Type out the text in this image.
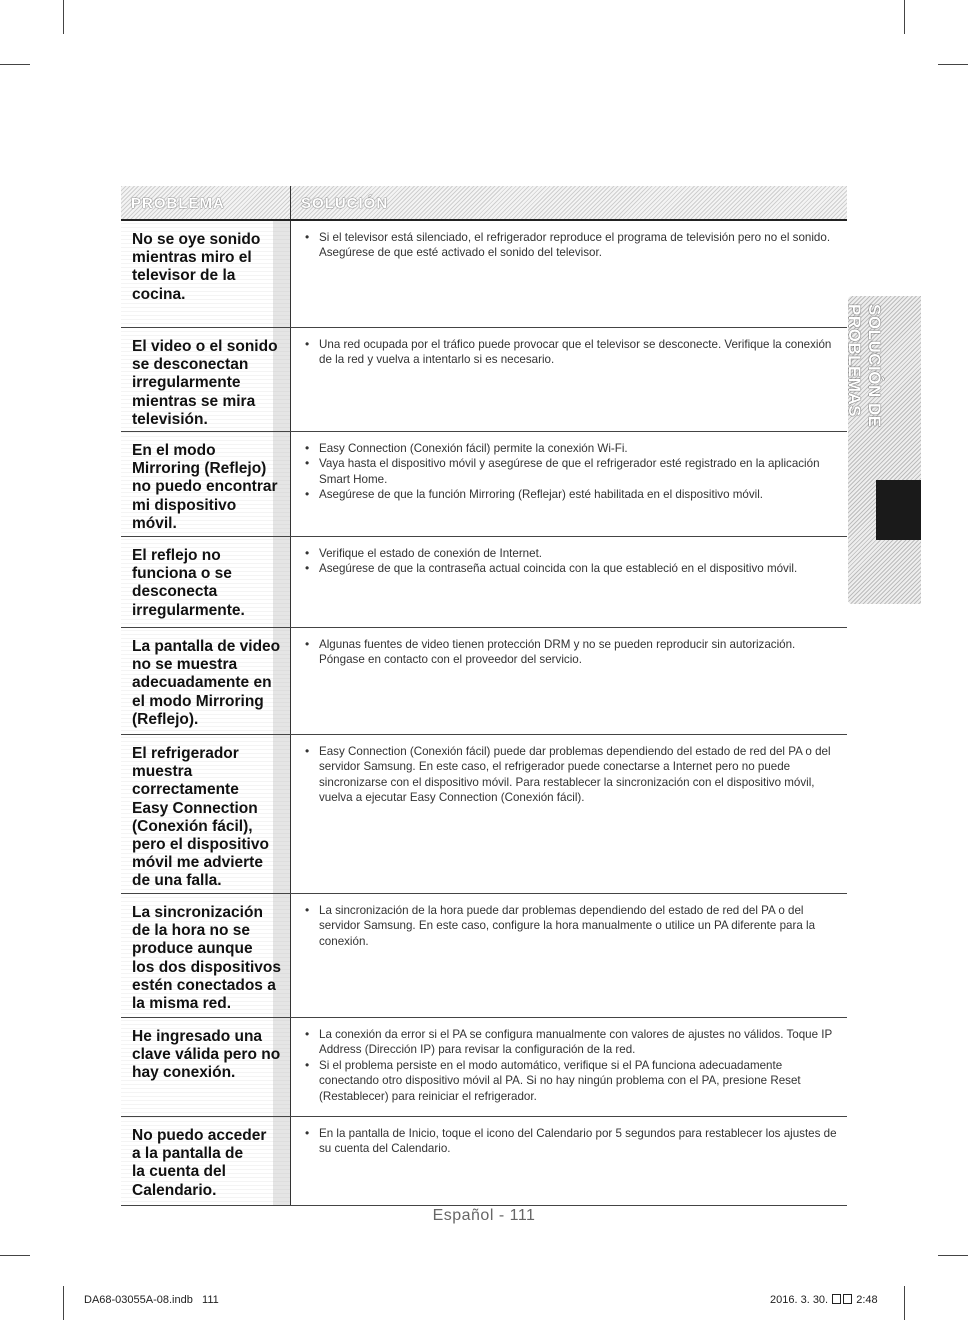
PROBLEMA	SOLUCIÓN
No se oye sonido
mientras miro el
televisor de la
cocina.
• Si el televisor está silenciado, el refrigerador reproduce el programa de televisión pero no el sonido. Asegúrese de que esté activado el sonido del televisor.
El video o el sonido
se desconectan
irregularmente
mientras se mira
televisión.
• Una red ocupada por el tráfico puede provocar que el televisor se desconecte. Verifique la conexión de la red y vuelva a intentarlo si es necesario.
En el modo
Mirroring (Reflejo)
no puedo encontrar
mi dispositivo
móvil.
• Easy Connection (Conexión fácil) permite la conexión Wi-Fi.
• Vaya hasta el dispositivo móvil y asegúrese de que el refrigerador esté registrado en la aplicación Smart Home.
• Asegúrese de que la función Mirroring (Reflejar) esté habilitada en el dispositivo móvil.
El reflejo no
funciona o se
desconecta
irregularmente.
• Verifique el estado de conexión de Internet.
• Asegúrese de que la contraseña actual coincida con la que estableció en el dispositivo móvil.
La pantalla de video
no se muestra
adecuadamente en
el modo Mirroring
(Reflejo).
• Algunas fuentes de video tienen protección DRM y no se pueden reproducir sin autorización. Póngase en contacto con el proveedor del servicio.
El refrigerador
muestra
correctamente
Easy Connection
(Conexión fácil),
pero el dispositivo
móvil me advierte
de una falla.
• Easy Connection (Conexión fácil) puede dar problemas dependiendo del estado de red del PA o del servidor Samsung. En este caso, el refrigerador puede conectarse a Internet pero no puede sincronizarse con el dispositivo móvil. Para restablecer la sincronización con el dispositivo móvil, vuelva a ejecutar Easy Connection (Conexión fácil).
La sincronización
de la hora no se
produce aunque
los dos dispositivos
estén conectados a
la misma red.
• La sincronización de la hora puede dar problemas dependiendo del estado de red del PA o del servidor Samsung. En este caso, configure la hora manualmente o utilice un PA diferente para la conexión.
He ingresado una
clave válida pero no
hay conexión.
• La conexión da error si el PA se configura manualmente con valores de ajustes no válidos. Toque IP Address (Dirección IP) para revisar la configuración de la red.
• Si el problema persiste en el modo automático, verifique si el PA funciona adecuadamente conectando otro dispositivo móvil al PA. Si no hay ningún problema con el PA, presione Reset (Restablecer) para reiniciar el refrigerador.
No puedo acceder
a la pantalla de
la cuenta del
Calendario.
• En la pantalla de Inicio, toque el icono del Calendario por 5 segundos para restablecer los ajustes de su cuenta del Calendario.
SOLUCIÓN DE PROBLEMAS
Español - 111
DA68-03055A-08.indb   111	2016. 3. 30.	2:48
